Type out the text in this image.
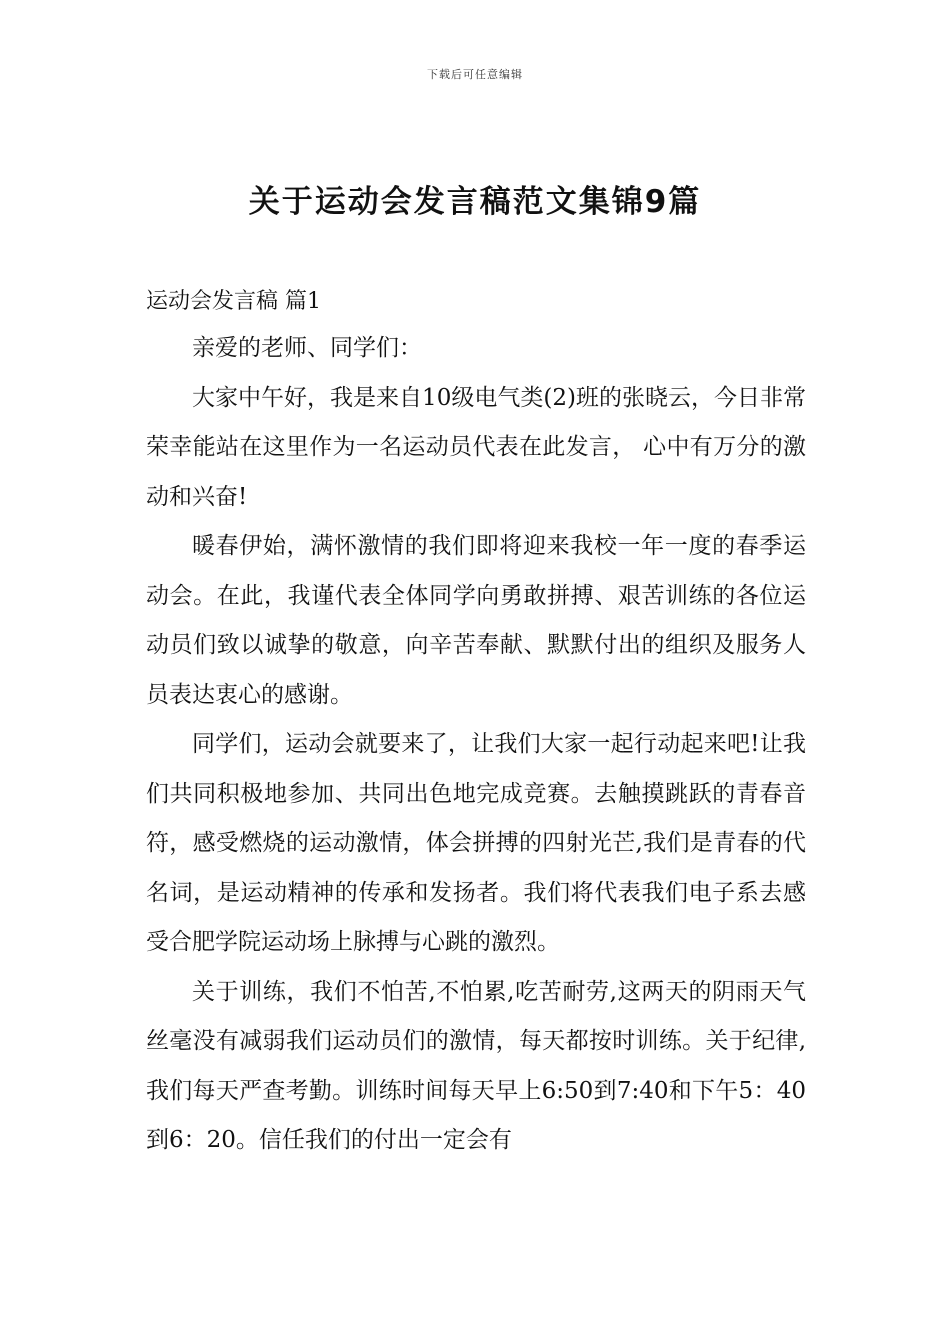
下载后可任意编辑
关于运动会发言稿范文集锦9篇
运动会发言稿 篇1

亲爱的老师、同学们：

大家中午好，我是来自10级电气类(2)班的张晓云，今日非常荣幸能站在这里作为一名运动员代表在此发言， 心中有万分的激动和兴奋!

暖春伊始，满怀激情的我们即将迎来我校一年一度的春季运动会。在此，我谨代表全体同学向勇敢拼搏、艰苦训练的各位运动员们致以诚挚的敬意，向辛苦奉献、默默付出的组织及服务人员表达衷心的感谢。

同学们，运动会就要来了，让我们大家一起行动起来吧!让我们共同积极地参加、共同出色地完成竞赛。去触摸跳跃的青春音符，感受燃烧的运动激情，体会拼搏的四射光芒,我们是青春的代名词，是运动精神的传承和发扬者。我们将代表我们电子系去感受合肥学院运动场上脉搏与心跳的激烈。

关于训练，我们不怕苦,不怕累,吃苦耐劳,这两天的阴雨天气丝毫没有减弱我们运动员们的激情，每天都按时训练。关于纪律,我们每天严查考勤。训练时间每天早上6:50到7:40和下午5：40到6：20。信任我们的付出一定会有
